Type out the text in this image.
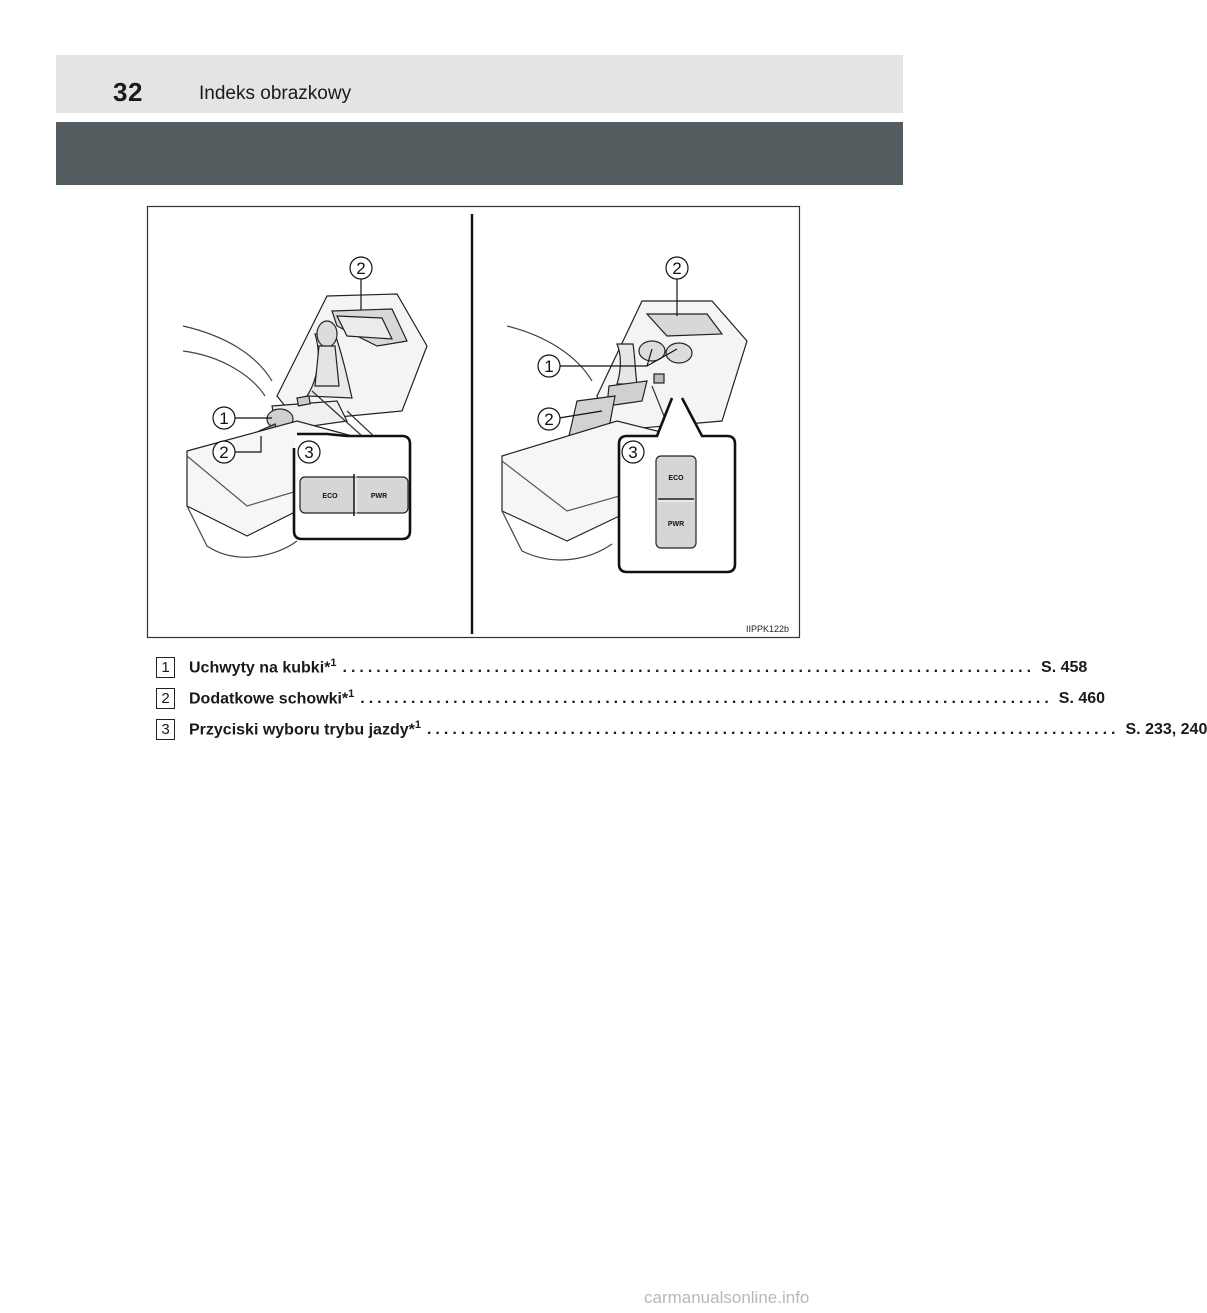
32	Indeks obrazkowy
ECO	PWR
2
1
2	3
ECO
PWR
2
1
2
3
IIPPK122b
1	Uchwyty na kubki*$^1$ .................................................................................. S. 458
2	Dodatkowe schowki*$^1$ .................................................................................. S. 460
3	Przyciski wyboru trybu jazdy*$^1$ .................................................................................. S. 233, 240
carmanualsonline.info
